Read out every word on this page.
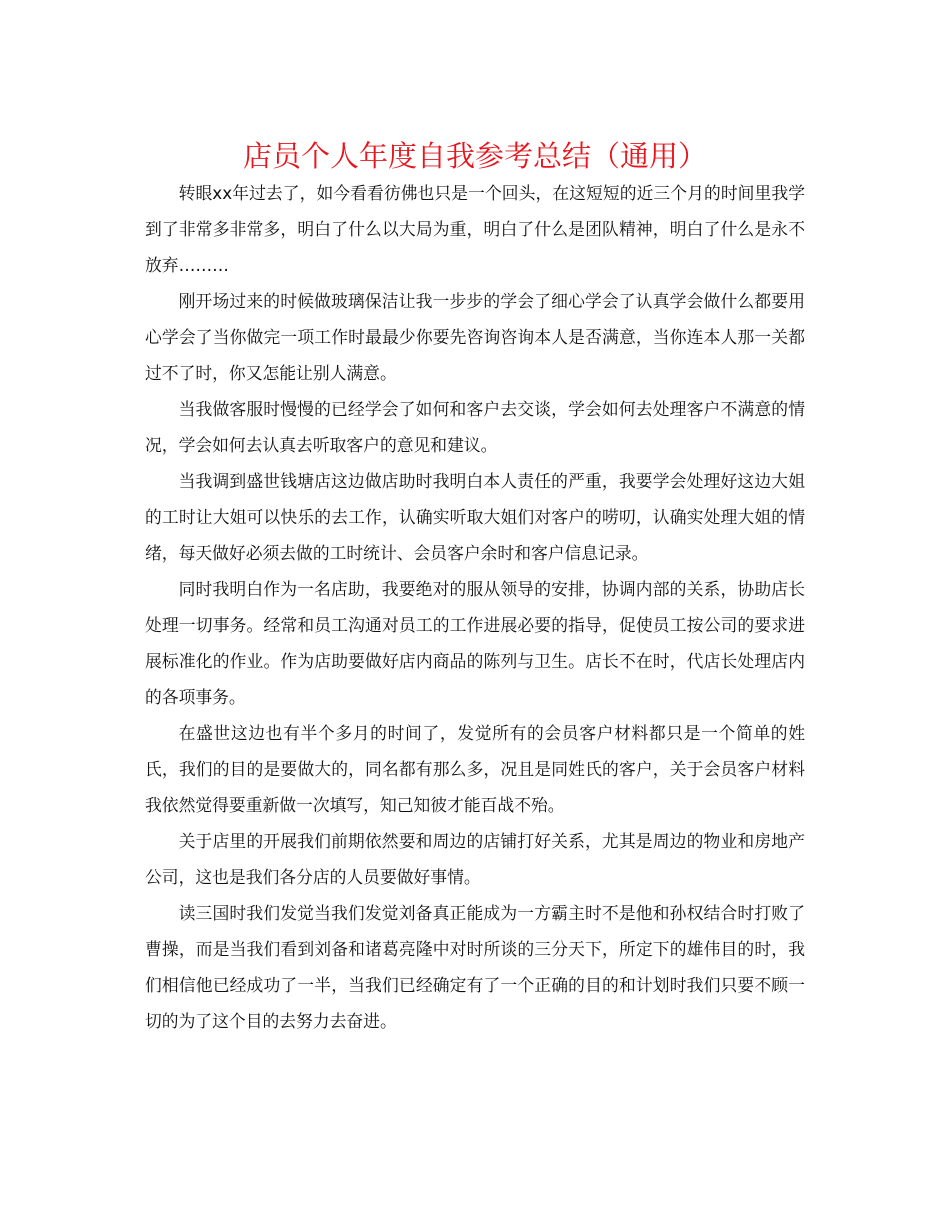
店员个人年度自我参考总结（通用）

转眼xx年过去了，如今看看彷佛也只是一个回头，在这短短的近三个月的时间里我学到了非常多非常多，明白了什么以大局为重，明白了什么是团队精神，明白了什么是永不放弃………

刚开场过来的时候做玻璃保洁让我一步步的学会了细心学会了认真学会做什么都要用心学会了当你做完一项工作时最最少你要先咨询咨询本人是否满意，当你连本人那一关都过不了时，你又怎能让别人满意。

当我做客服时慢慢的已经学会了如何和客户去交谈，学会如何去处理客户不满意的情况，学会如何去认真去听取客户的意见和建议。

当我调到盛世钱塘店这边做店助时我明白本人责任的严重，我要学会处理好这边大姐的工时让大姐可以快乐的去工作，认确实听取大姐们对客户的唠叨，认确实处理大姐的情绪，每天做好必须去做的工时统计、会员客户余时和客户信息记录。

同时我明白作为一名店助，我要绝对的服从领导的安排，协调内部的关系，协助店长处理一切事务。经常和员工沟通对员工的工作进展必要的指导，促使员工按公司的要求进展标准化的作业。作为店助要做好店内商品的陈列与卫生。店长不在时，代店长处理店内的各项事务。

在盛世这边也有半个多月的时间了，发觉所有的会员客户材料都只是一个简单的姓氏，我们的目的是要做大的，同名都有那么多，况且是同姓氏的客户，关于会员客户材料我依然觉得要重新做一次填写，知己知彼才能百战不殆。

关于店里的开展我们前期依然要和周边的店铺打好关系，尤其是周边的物业和房地产公司，这也是我们各分店的人员要做好事情。

读三国时我们发觉当我们发觉刘备真正能成为一方霸主时不是他和孙权结合时打败了曹操，而是当我们看到刘备和诸葛亮隆中对时所谈的三分天下，所定下的雄伟目的时，我们相信他已经成功了一半，当我们已经确定有了一个正确的目的和计划时我们只要不顾一切的为了这个目的去努力去奋进。
